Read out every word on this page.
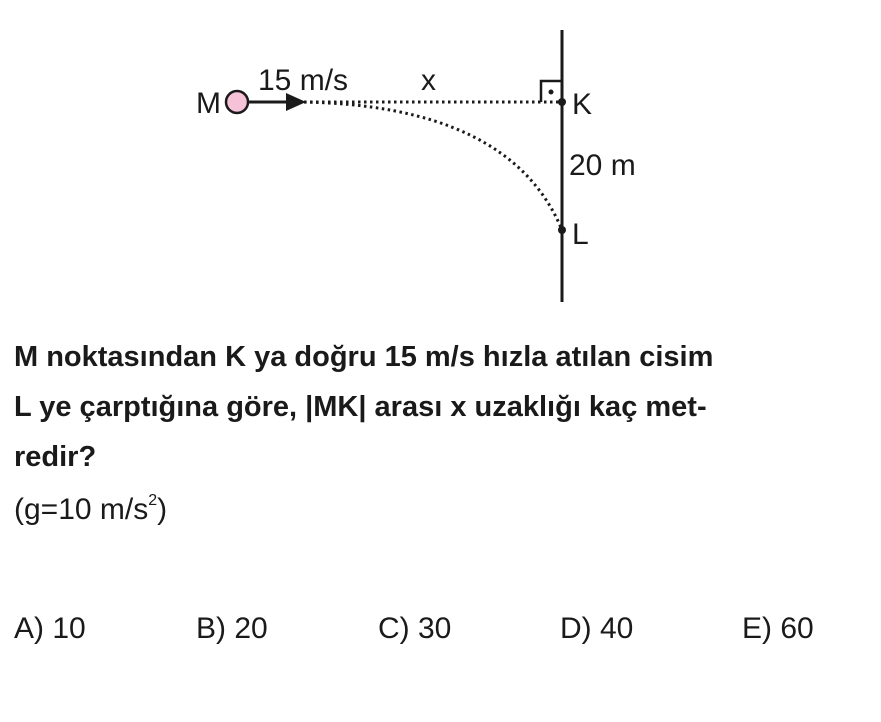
M
15 m/s x
K
20 m
L

M noktasından K ya doğru 15 m/s hızla atılan cisim
L ye çarptığına göre, |MK| arası x uzaklığı kaç met-
redir?

(g=10 $m/s^2$)
A) 10	B) 20	C) 30	D) 40	E) 60
